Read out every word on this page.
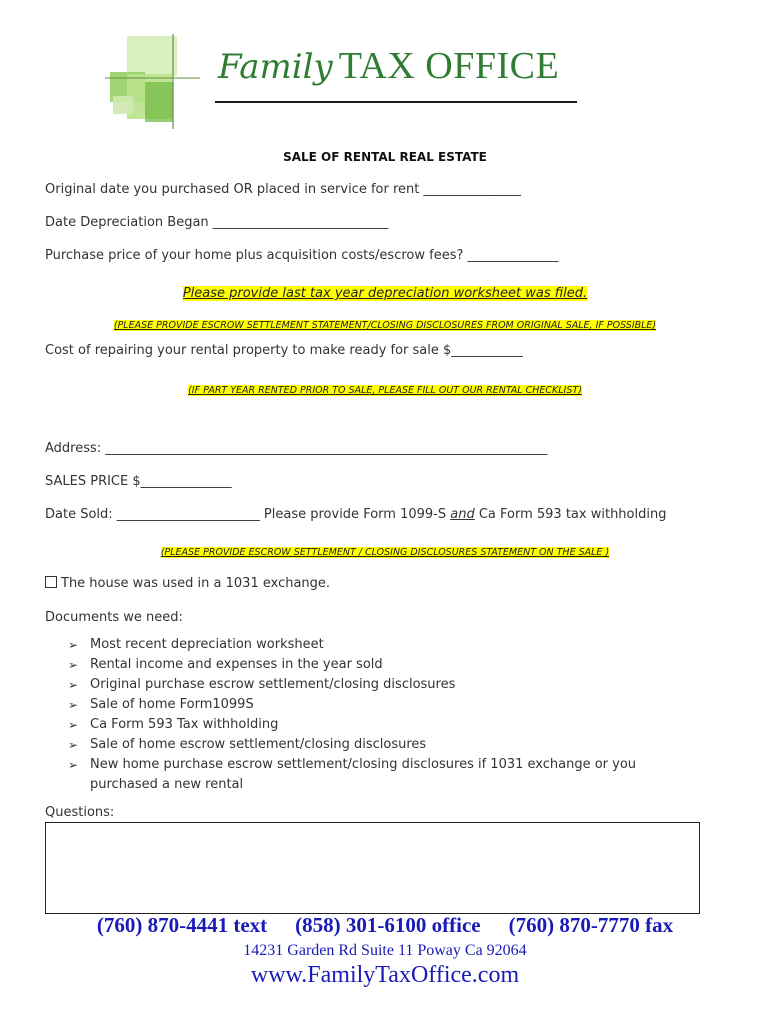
Family TAX OFFICE
SALE OF RENTAL REAL ESTATE
Original date you purchased OR placed in service for rent _______________
Date Depreciation Began ___________________________
Purchase price of your home plus acquisition costs/escrow fees? ______________
Please provide last tax year depreciation worksheet was filed.
(PLEASE PROVIDE ESCROW SETTLEMENT STATEMENT/CLOSING DISCLOSURES FROM ORIGINAL SALE, IF POSSIBLE)
Cost of repairing your rental property to make ready for sale $___________
(IF PART YEAR RENTED PRIOR TO SALE, PLEASE FILL OUT OUR RENTAL CHECKLIST)
Address: ____________________________________________________________________
SALES PRICE $______________
Date Sold: ______________________ Please provide Form 1099-S and Ca Form 593 tax withholding
(PLEASE PROVIDE ESCROW SETTLEMENT / CLOSING DISCLOSURES STATEMENT ON THE SALE )
The house was used in a 1031 exchange.
Documents we need:
➢ Most recent depreciation worksheet
➢ Rental income and expenses in the year sold
➢ Original purchase escrow settlement/closing disclosures
➢ Sale of home Form1099S
➢ Ca Form 593 Tax withholding
➢ Sale of home escrow settlement/closing disclosures
➢ New home purchase escrow settlement/closing disclosures if 1031 exchange or you purchased a new rental
Questions:
(760) 870-4441 text (858) 301-6100 office (760) 870-7770 fax
14231 Garden Rd Suite 11 Poway Ca 92064
www.FamilyTaxOffice.com
